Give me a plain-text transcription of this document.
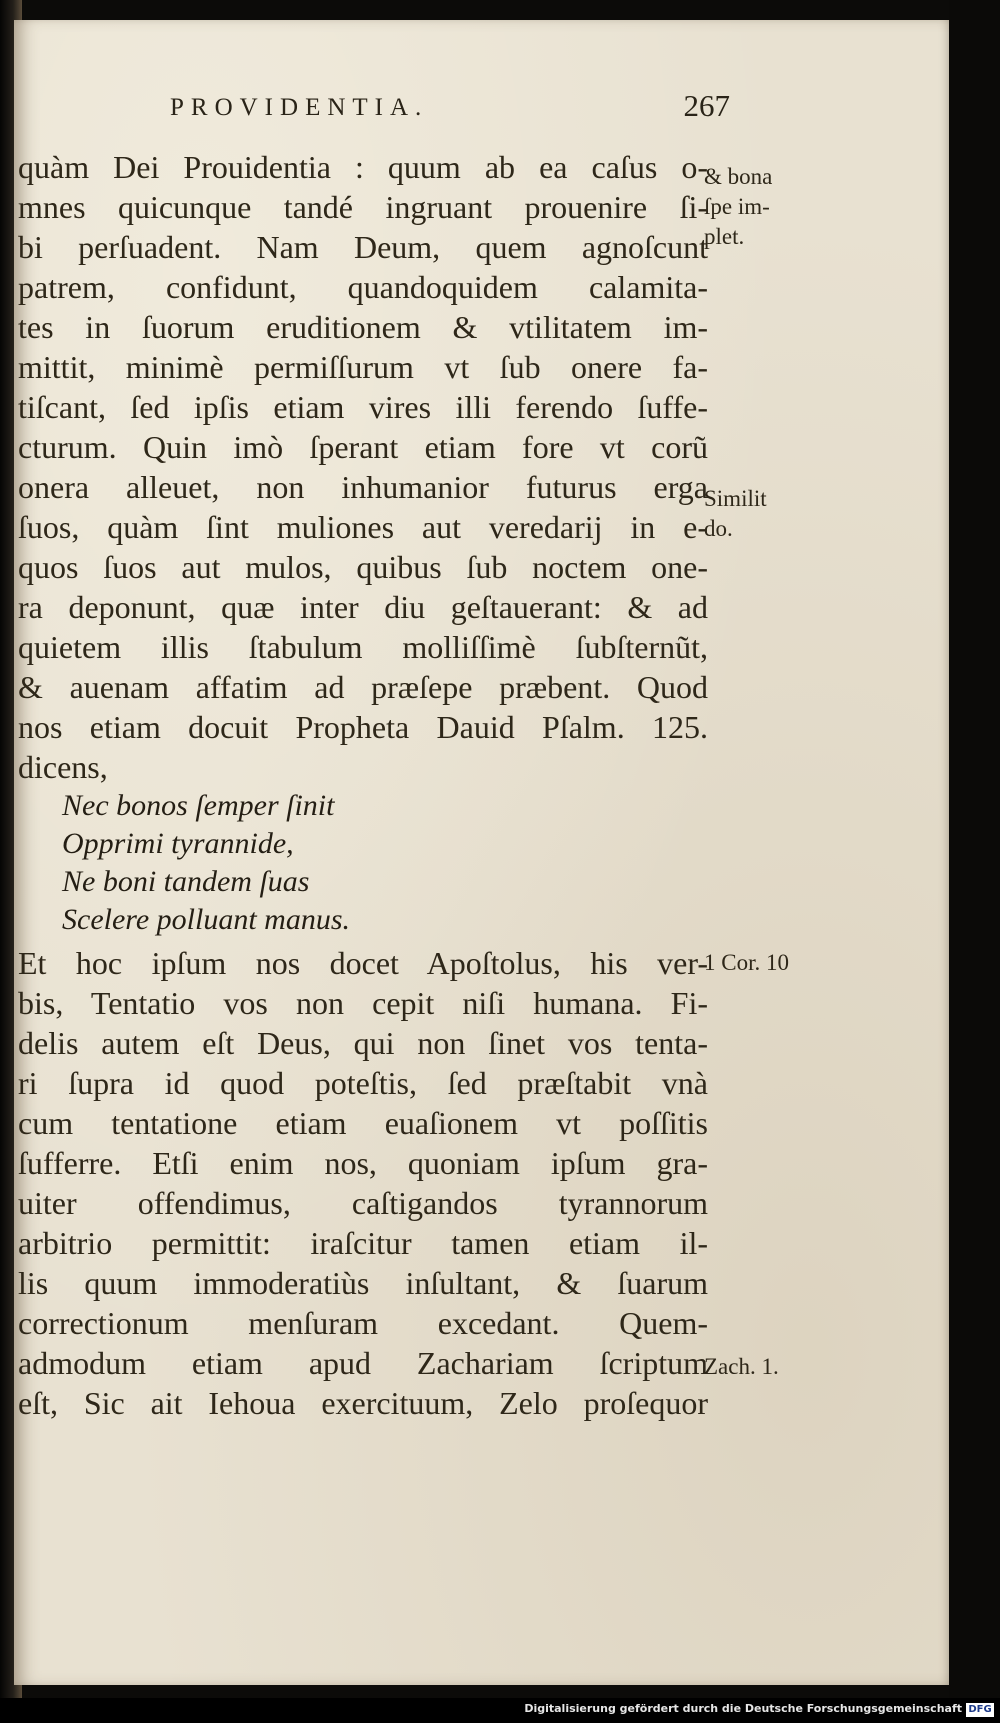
PROVIDENTIA.	267
quàm Dei Prouidentia : quum ab ea caſus o-
mnes quicunque tandé ingruant prouenire ſi-
bi perſuadent. Nam Deum, quem agnoſcunt
patrem, confidunt, quandoquidem calamita-
tes in ſuorum eruditionem & vtilitatem im-
mittit, minimè permiſſurum vt ſub onere fa-
tiſcant, ſed ipſis etiam vires illi ferendo ſuffe-
cturum. Quin imò ſperant etiam fore vt corũ
onera alleuet, non inhumanior futurus erga
ſuos, quàm ſint muliones aut veredarij in e-
quos ſuos aut mulos, quibus ſub noctem one-
ra deponunt, quæ inter diu geſtauerant: & ad
quietem illis ſtabulum molliſſimè ſubſternũt,
& auenam affatim ad præſepe præbent. Quod
nos etiam docuit Propheta Dauid Pſalm. 125.
dicens,
Nec bonos ſemper ſinit
Opprimi tyrannide,
Ne boni tandem ſuas
Scelere polluant manus.
Et hoc ipſum nos docet Apoſtolus, his ver-
bis, Tentatio vos non cepit niſi humana. Fi-
delis autem eſt Deus, qui non ſinet vos tenta-
ri ſupra id quod poteſtis, ſed præſtabit vnà
cum tentatione etiam euaſionem vt poſſitis
ſufferre. Etſi enim nos, quoniam ipſum gra-
uiter offendimus, caſtigandos tyrannorum
arbitrio permittit: iraſcitur tamen etiam il-
lis quum immoderatiùs inſultant, & ſuarum
correctionum menſuram excedant. Quem-
admodum etiam apud Zachariam ſcriptum
eſt, Sic ait Iehoua exercituum, Zelo proſequor
& bona
ſpe im-
plet.
Similit
do.
1 Cor. 10
Zach. 1.
Digitalisierung gefördert durch die Deutsche Forschungsgemeinschaft DFG
